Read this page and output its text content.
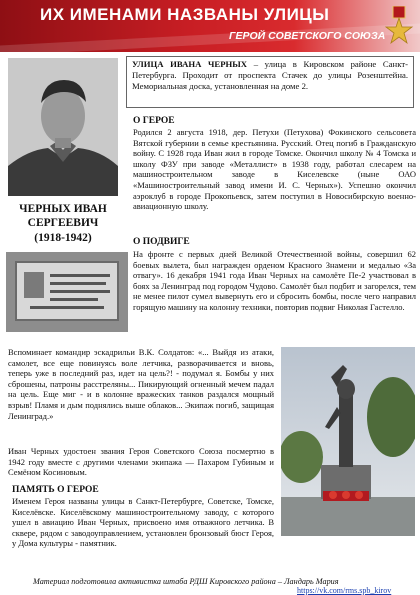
ИХ ИМЕНАМИ НАЗВАНЫ УЛИЦЫ
ГЕРОЙ СОВЕТСКОГО СОЮЗА
ЧЕРНЫХ ИВАН СЕРГЕЕВИЧ
(1918-1942)
УЛИЦА ИВАНА ЧЕРНЫХ – улица в Кировском районе Санкт-Петербурга. Проходит от проспекта Стачек до улицы Розенштейна. Мемориальная доска, установленная на доме 2.
О ГЕРОЕ
Родился 2 августа 1918, дер. Петухи (Петухова) Фокинского сельсовета Вятской губернии в семье крестьянина. Русский. Отец погиб в Гражданскую войну. С 1928 года Иван жил в городе Томске. Окончил школу № 4 Томска и школу ФЗУ при заводе «Металлист» в 1938 году, работал слесарем на машиностроительном заводе в Киселевске (ныне ОАО «Машиностроительный завод имени И. С. Черных»). Успешно окончил аэроклуб в городе Прокопьевск, затем поступил в Новосибирскую военно-авиационную школу.
О ПОДВИГЕ
На фронте с первых дней Великой Отечественной войны, совершил 62 боевых вылета, был награжден орденом Красного Знамени и медалью «За отвагу». 16 декабря 1941 года Иван Черных на самолёте Пе-2 участвовал в боях за Ленинград под городом Чудово. Самолёт был подбит и загорелся, тем не менее пилот сумел вывернуть его и сбросить бомбы, после чего направил горящую машину на колонну техники, повторив подвиг Николая Гастелло.
Вспоминает командир эскадрильи В.К. Солдатов: «... Выйдя из атаки, самолет, все еще повинуясь воле летчика, разворачивается и вновь, теперь уже в последний раз, идет на цель?! - подумал я. Бомбы у них сброшены, патроны расстреляны... Пикирующий огненный мечем падал на цель. Еще миг - и в колонне вражеских танков раздался мощный взрыв! Пламя и дым поднялись выше облаков... Экипаж погиб, защищая Ленинград.»
Иван Черных удостоен звания Героя Советского Союза посмертно в 1942 году вместе с другими членами экипажа — Пахаром Губиным и Семёном Косиновым.
ПАМЯТЬ О ГЕРОЕ
Именем Героя названы улицы в Санкт-Петербурге, Советске, Томске, Киселёвске. Киселёвскому машиностроительному заводу, с которого ушел в авиацию Иван Черных, присвоено имя отважного летчика. В сквере, рядом с заводоуправлением, установлен бронзовый бюст Героя, у Дома культуры - памятник.
Материал подготовила активистка штаба РДШ Кировского района – Ландарь Мария
https://vk.com/rms.spb_kirov
